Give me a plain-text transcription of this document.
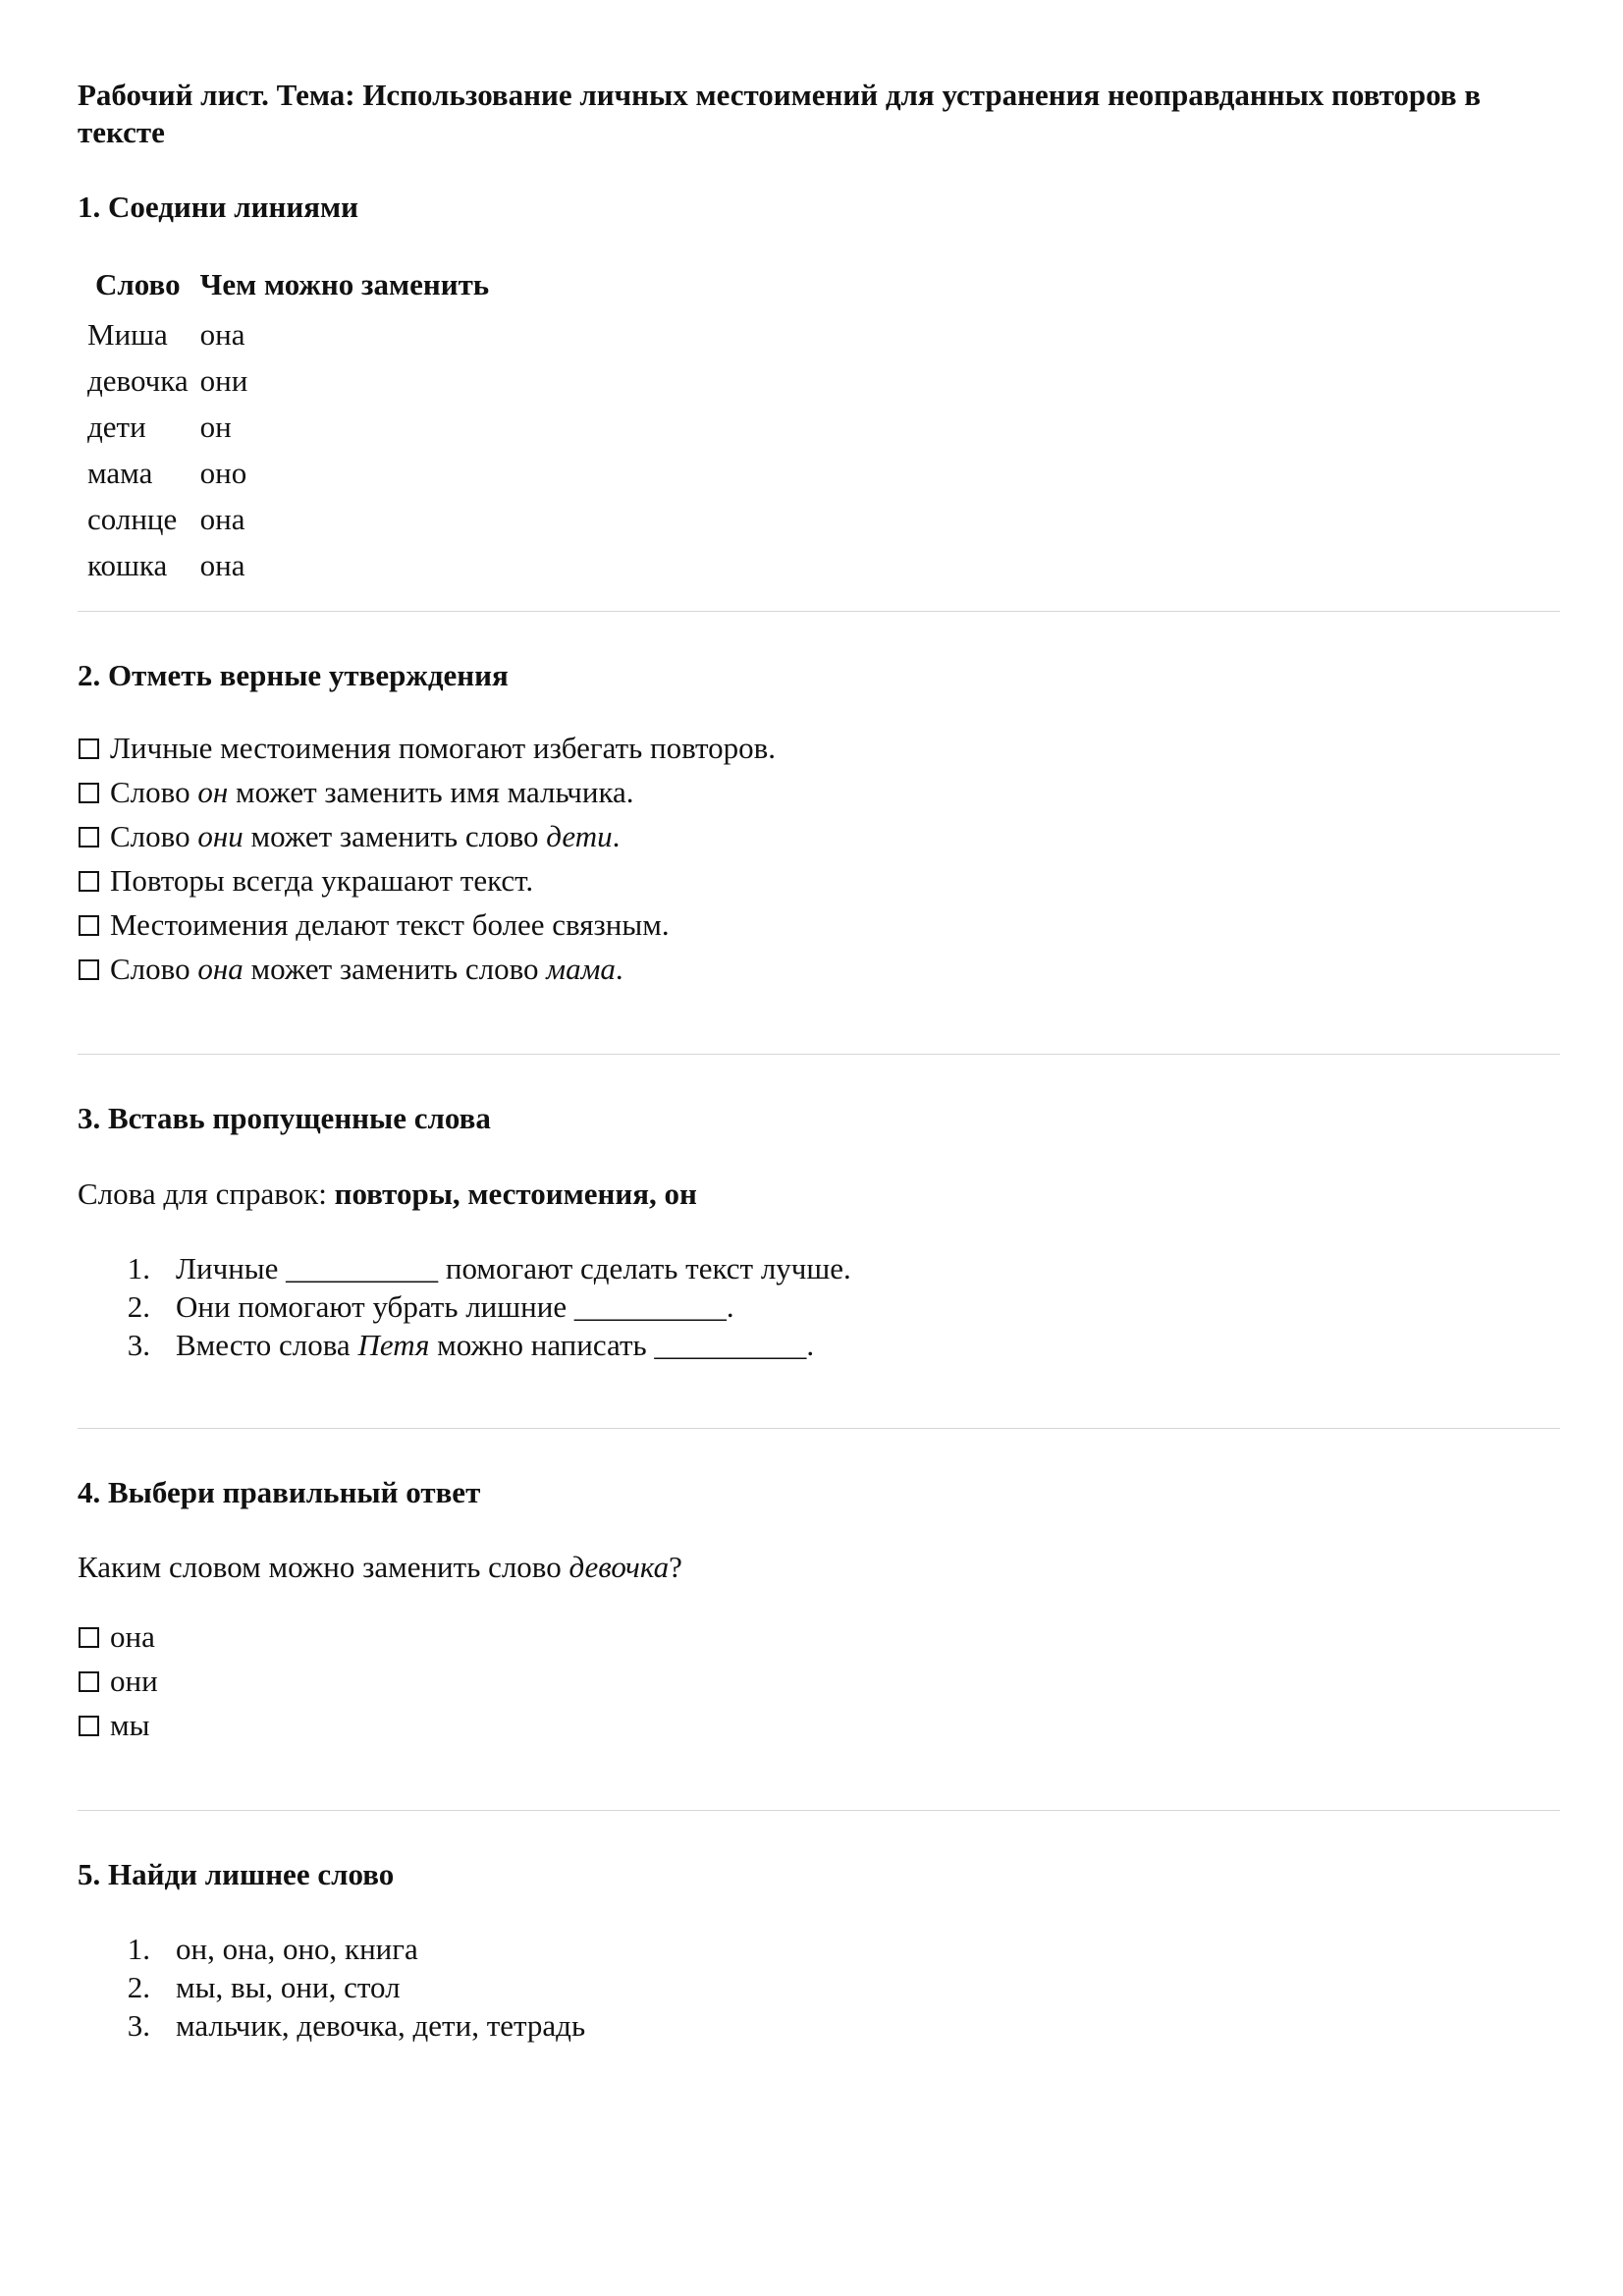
Рабочий лист. Тема: Использование личных местоимений для устранения неоправданных повторов в тексте
1. Соедини линиями
Слово	Чем можно заменить
Миша	она
девочка	они
дети	он
мама	оно
солнце	она
кошка	она
2. Отметь верные утверждения
Личные местоимения помогают избегать повторов.
Слово он может заменить имя мальчика.
Слово они может заменить слово дети .
Повторы всегда украшают текст.
Местоимения делают текст более связным.
Слово она может заменить слово мама .
3. Вставь пропущенные слова

Слова для справок: повторы, местоимения, он

1. Личные __________ помогают сделать текст лучше.
2. Они помогают убрать лишние __________.
3. Вместо слова Петя можно написать __________.
4. Выбери правильный ответ

Каким словом можно заменить слово девочка?

она
они
мы
5. Найди лишнее слово
1. он, она, оно, книга
2. мы, вы, они, стол
3. мальчик, девочка, дети, тетрадь
